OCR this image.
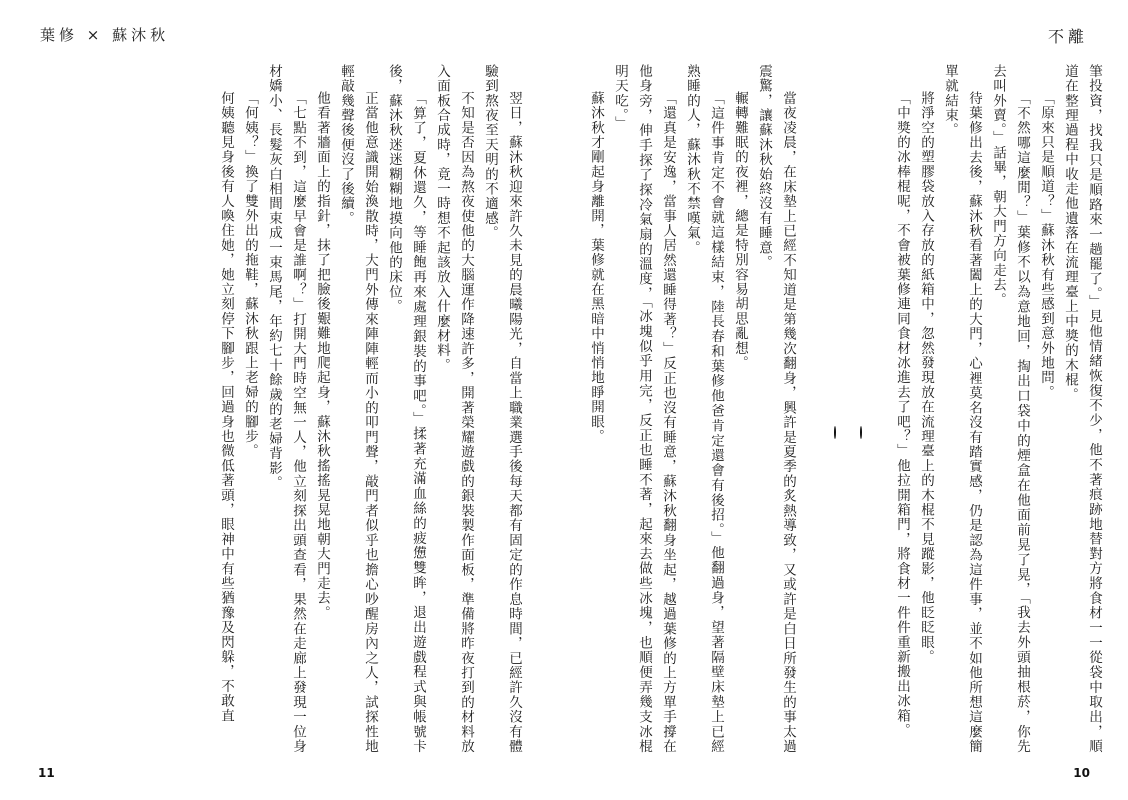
葉修 × 蘇沐秋

翌日，蘇沐秋迎來許久未見的晨曦陽光，自當上職業選手後每天都有固定的作息時間，已經許久沒有體驗到熬夜至天明的不適感。

不知是否因為熬夜使他的大腦運作降速許多，開著榮耀遊戲的銀裝製作面板，準備將昨夜打到的材料放入面板合成時，竟一時想不起該放入什麼材料。

「算了，夏休還久，等睡飽再來處理銀裝的事吧。」揉著充滿血絲的疲憊雙眸，退出遊戲程式與帳號卡後，蘇沐秋迷迷糊糊地摸向他的床位。

正當他意識開始渙散時，大門外傳來陣陣輕而小的叩門聲，敲門者似乎也擔心吵醒房內之人，試探性地輕敲幾聲後便沒了後續。

他看著牆面上的指針，抹了把臉後艱難地爬起身，蘇沐秋搖搖晃晃地朝大門走去。

「七點不到，這麼早會是誰啊？」打開大門時空無一人，他立刻探出頭查看，果然在走廊上發現一位身材嬌小、長髮灰白相間束成一束馬尾，年約七十餘歲的老婦背影。

「何姨？」換了雙外出的拖鞋，蘇沐秋跟上老婦的腳步。

何姨聽見身後有人喚住她，她立刻停下腳步，回過身也微低著頭，眼神中有些猶豫及閃躲，不敢直

11
不離

筆投資，找我只是順路來一趟罷了。」見他情緒恢復不少，他不著痕跡地替對方將食材一一從袋中取出，順道在整理過程中收走他遺落在流理臺上中獎的木棍。

「原來只是順道？」蘇沐秋有些感到意外地問。

「不然哪這麼閒？」葉修不以為意地回，掏出口袋中的煙盒在他面前晃了晃，「我去外頭抽根菸，你先去叫外賣。」話畢，朝大門方向走去。

待葉修出去後，蘇沐秋看著闔上的大門，心裡莫名沒有踏實感，仍是認為這件事，並不如他所想這麼簡單就結束。

將淨空的塑膠袋放入存放的紙箱中，忽然發現放在流理臺上的木棍不見蹤影，他眨眨眼。

「中獎的冰棒棍呢，不會被葉修連同食材冰進去了吧？」他拉開箱門，將食材一件件重新搬出冰箱。

當夜凌晨，在床墊上已經不知道是第幾次翻身，興許是夏季的炙熱導致，又或許是白日所發生的事太過震驚，讓蘇沐秋始終沒有睡意。

輾轉難眠的夜裡，總是特別容易胡思亂想。

「這件事肯定不會就這樣結束，陸長春和葉修他爸肯定還會有後招。」他翻過身，望著隔壁床墊上已經熟睡的人，蘇沐秋不禁嘆氣。

「還真是安逸，當事人居然還睡得著？」反正也沒有睡意，蘇沐秋翻身坐起，越過葉修的上方單手撐在他身旁，伸手探了探冷氣扇的溫度，「冰塊似乎用完，反正也睡不著，起來去做些冰塊，也順便弄幾支冰棍明天吃。」

蘇沐秋才剛起身離開，葉修就在黑暗中悄悄地睜開眼。

10
